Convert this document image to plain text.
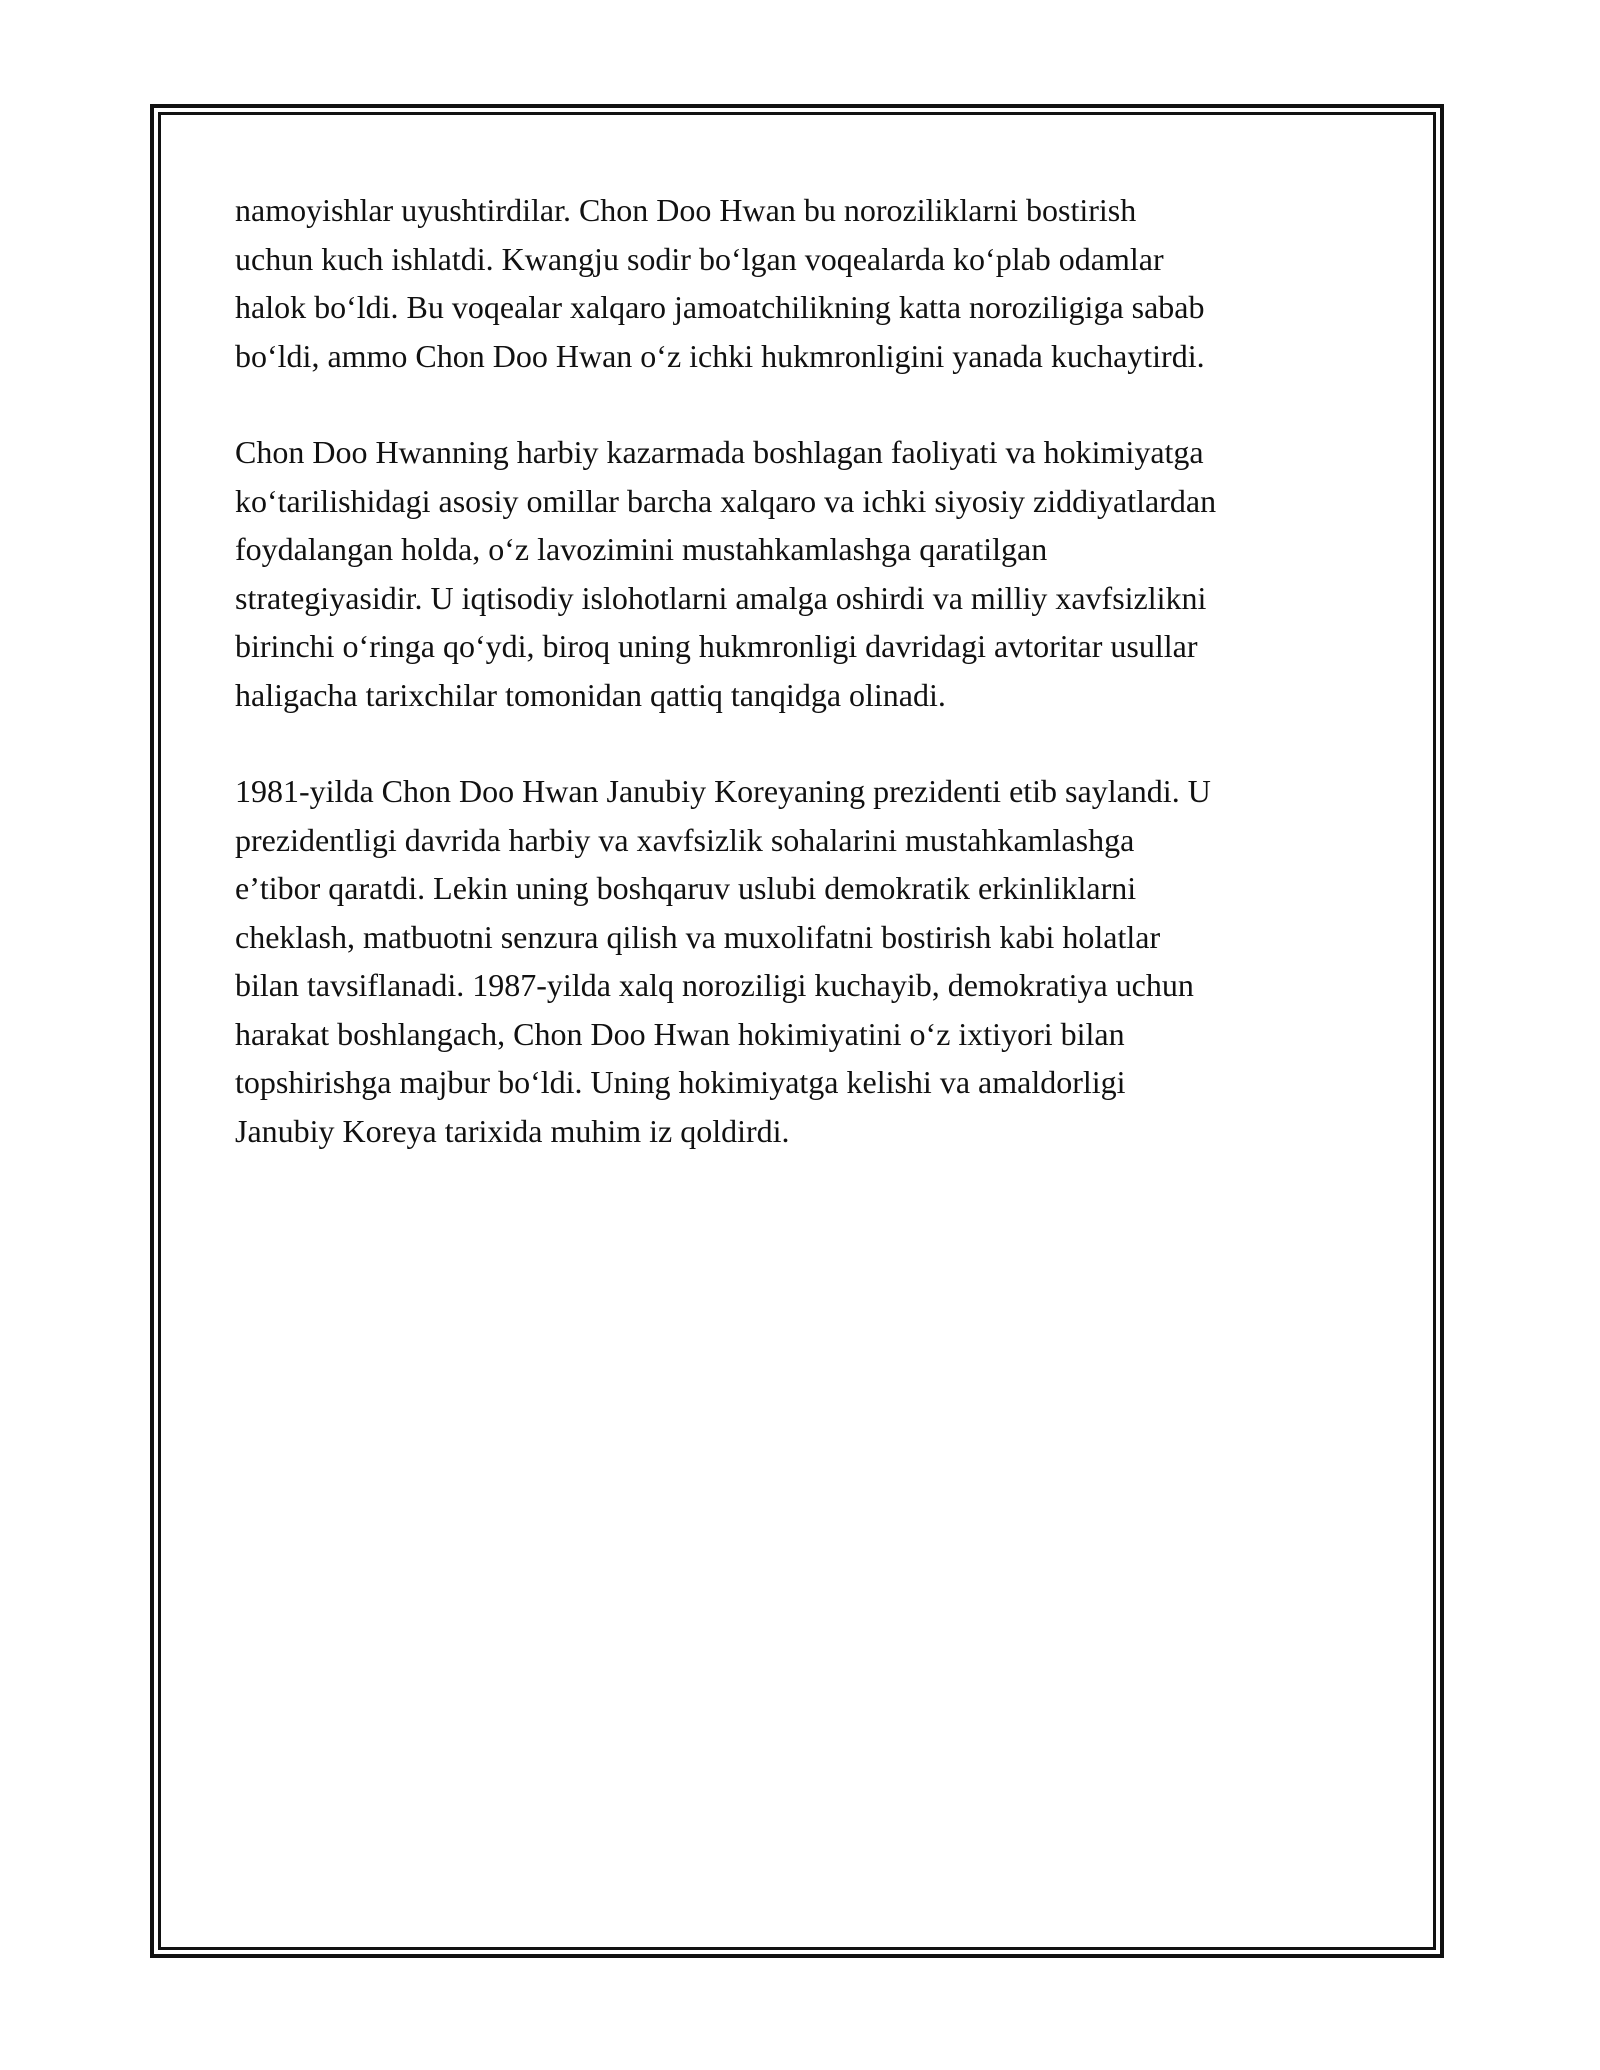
namoyishlar uyushtirdilar. Chon Doo Hwan bu noroziliklarni bostirish
uchun kuch ishlatdi. Kwangju sodir boʻlgan voqealarda koʻplab odamlar
halok boʻldi. Bu voqealar xalqaro jamoatchilikning katta noroziligiga sabab
boʻldi, ammo Chon Doo Hwan oʻz ichki hukmronligini yanada kuchaytirdi.

Chon Doo Hwanning harbiy kazarmada boshlagan faoliyati va hokimiyatga
koʻtarilishidagi asosiy omillar barcha xalqaro va ichki siyosiy ziddiyatlardan
foydalangan holda, oʻz lavozimini mustahkamlashga qaratilgan
strategiyasidir. U iqtisodiy islohotlarni amalga oshirdi va milliy xavfsizlikni
birinchi oʻringa qoʻydi, biroq uning hukmronligi davridagi avtoritar usullar
haligacha tarixchilar tomonidan qattiq tanqidga olinadi.

1981-yilda Chon Doo Hwan Janubiy Koreyaning prezidenti etib saylandi. U
prezidentligi davrida harbiy va xavfsizlik sohalarini mustahkamlashga
eʼtibor qaratdi. Lekin uning boshqaruv uslubi demokratik erkinliklarni
cheklash, matbuotni senzura qilish va muxolifatni bostirish kabi holatlar
bilan tavsiflanadi. 1987-yilda xalq noroziligi kuchayib, demokratiya uchun
harakat boshlangach, Chon Doo Hwan hokimiyatini oʻz ixtiyori bilan
topshirishga majbur boʻldi. Uning hokimiyatga kelishi va amaldorligi
Janubiy Koreya tarixida muhim iz qoldirdi.
